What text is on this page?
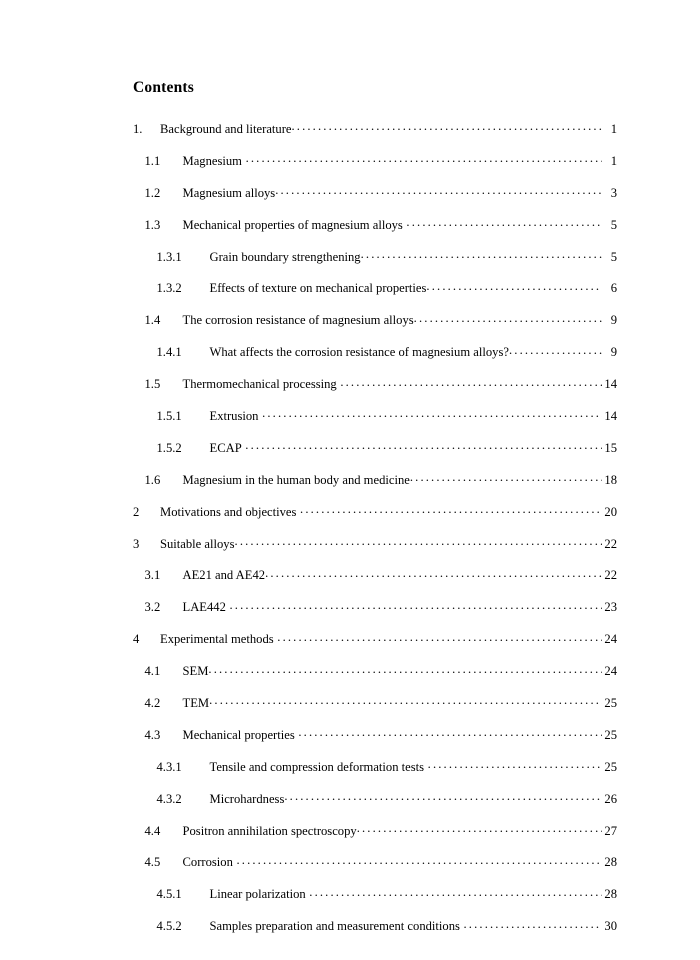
Contents
1.	Background and literature . . .	1
1.1	Magnesium . . .	1
1.2	Magnesium alloys . . .	3
1.3	Mechanical properties of magnesium alloys . . .	5
1.3.1	Grain boundary strengthening . . .	5
1.3.2	Effects of texture on mechanical properties . . .	6
1.4	The corrosion resistance of magnesium alloys . . .	9
1.4.1	What affects the corrosion resistance of magnesium alloys? . . .	9
1.5	Thermomechanical processing . . .	14
1.5.1	Extrusion . . .	14
1.5.2	ECAP . . .	15
1.6	Magnesium in the human body and medicine . . .	18
2	Motivations and objectives . . .	20
3	Suitable alloys . . .	22
3.1	AE21 and AE42 . . .	22
3.2	LAE442 . . .	23
4	Experimental methods . . .	24
4.1	SEM . . .	24
4.2	TEM . . .	25
4.3	Mechanical properties . . .	25
4.3.1	Tensile and compression deformation tests . . .	25
4.3.2	Microhardness . . .	26
4.4	Positron annihilation spectroscopy . . .	27
4.5	Corrosion . . .	28
4.5.1	Linear polarization . . .	28
4.5.2	Samples preparation and measurement conditions . . .	30
